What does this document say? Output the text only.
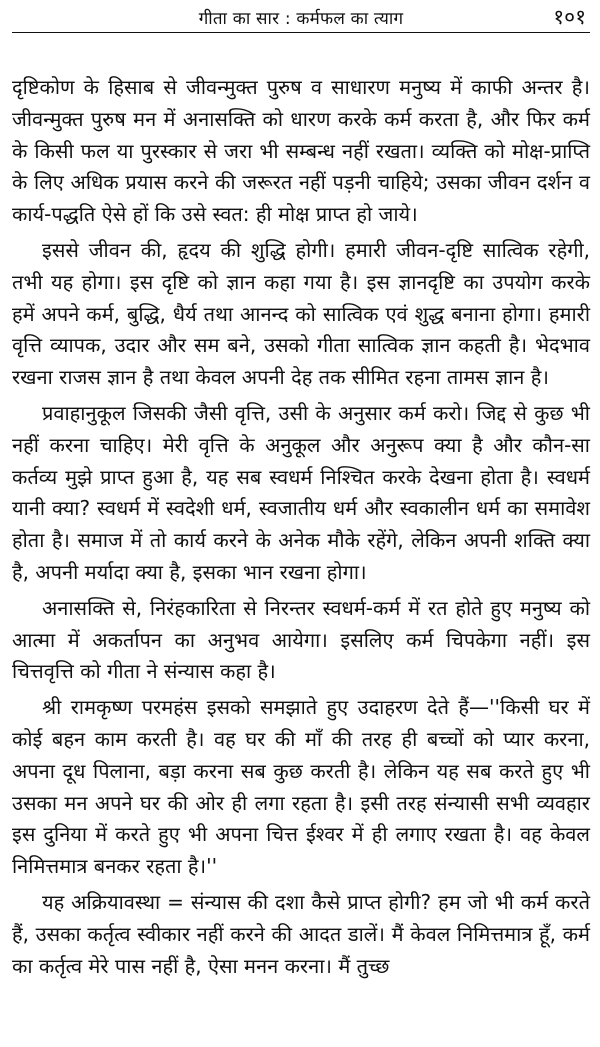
गीता का सार : कर्मफल का त्याग	१०१

दृष्टिकोण के हिसाब से जीवन्मुक्त पुरुष व साधारण मनुष्य में काफी अन्तर है। जीवन्मुक्त पुरुष मन में अनासक्ति को धारण करके कर्म करता है, और फिर कर्म के किसी फल या पुरस्कार से जरा भी सम्बन्ध नहीं रखता। व्यक्ति को मोक्ष-प्राप्ति के लिए अधिक प्रयास करने की जरूरत नहीं पड़नी चाहिये; उसका जीवन दर्शन व कार्य-पद्धति ऐसे हों कि उसे स्वत: ही मोक्ष प्राप्त हो जाये।

इससे जीवन की, हृदय की शुद्धि होगी। हमारी जीवन-दृष्टि सात्विक रहेगी, तभी यह होगा। इस दृष्टि को ज्ञान कहा गया है। इस ज्ञानदृष्टि का उपयोग करके हमें अपने कर्म, बुद्धि, धैर्य तथा आनन्द को सात्विक एवं शुद्ध बनाना होगा। हमारी वृत्ति व्यापक, उदार और सम बने, उसको गीता सात्विक ज्ञान कहती है। भेदभाव रखना राजस ज्ञान है तथा केवल अपनी देह तक सीमित रहना तामस ज्ञान है।

प्रवाहानुकूल जिसकी जैसी वृत्ति, उसी के अनुसार कर्म करो। जिद्द से कुछ भी नहीं करना चाहिए। मेरी वृत्ति के अनुकूल और अनुरूप क्या है और कौन-सा कर्तव्य मुझे प्राप्त हुआ है, यह सब स्वधर्म निश्चित करके देखना होता है। स्वधर्म यानी क्या? स्वधर्म में स्वदेशी धर्म, स्वजातीय धर्म और स्वकालीन धर्म का समावेश होता है। समाज में तो कार्य करने के अनेक मौके रहेंगे, लेकिन अपनी शक्ति क्या है, अपनी मर्यादा क्या है, इसका भान रखना होगा।

अनासक्ति से, निरंहकारिता से निरन्तर स्वधर्म-कर्म में रत होते हुए मनुष्य को आत्मा में अकर्तापन का अनुभव आयेगा। इसलिए कर्म चिपकेगा नहीं। इस चित्तवृत्ति को गीता ने संन्यास कहा है।

श्री रामकृष्ण परमहंस इसको समझाते हुए उदाहरण देते हैं—''किसी घर में कोई बहन काम करती है। वह घर की माँ की तरह ही बच्चों को प्यार करना, अपना दूध पिलाना, बड़ा करना सब कुछ करती है। लेकिन यह सब करते हुए भी उसका मन अपने घर की ओर ही लगा रहता है। इसी तरह संन्यासी सभी व्यवहार इस दुनिया में करते हुए भी अपना चित्त ईश्वर में ही लगाए रखता है। वह केवल निमित्तमात्र बनकर रहता है।''

यह अक्रियावस्था = संन्यास की दशा कैसे प्राप्त होगी? हम जो भी कर्म करते हैं, उसका कर्तृत्व स्वीकार नहीं करने की आदत डालें। मैं केवल निमित्तमात्र हूँ, कर्म का कर्तृत्व मेरे पास नहीं है, ऐसा मनन करना। मैं तुच्छ
